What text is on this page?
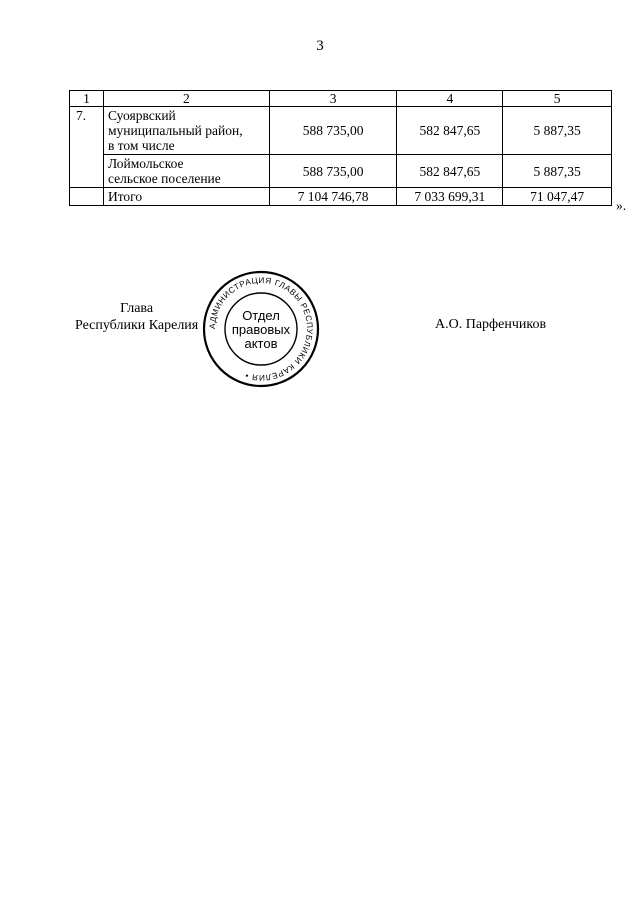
3
1	2	3	4	5
7.	Суоярвский
муниципальный район,
в том числе	588 735,00	582 847,65	5 887,35

	Лоймольское
сельское поселение	588 735,00	582 847,65	5 887,35
	Итого	7 104 746,78	7 033 699,31	71 047,47
».
Глава
Республики Карелия АДМИНИСТРАЦИЯ ГЛАВЫ РЕСПУБЛИКИ КАРЕЛИЯ •
Отдел
правовых
актов
А.О. Парфенчиков
